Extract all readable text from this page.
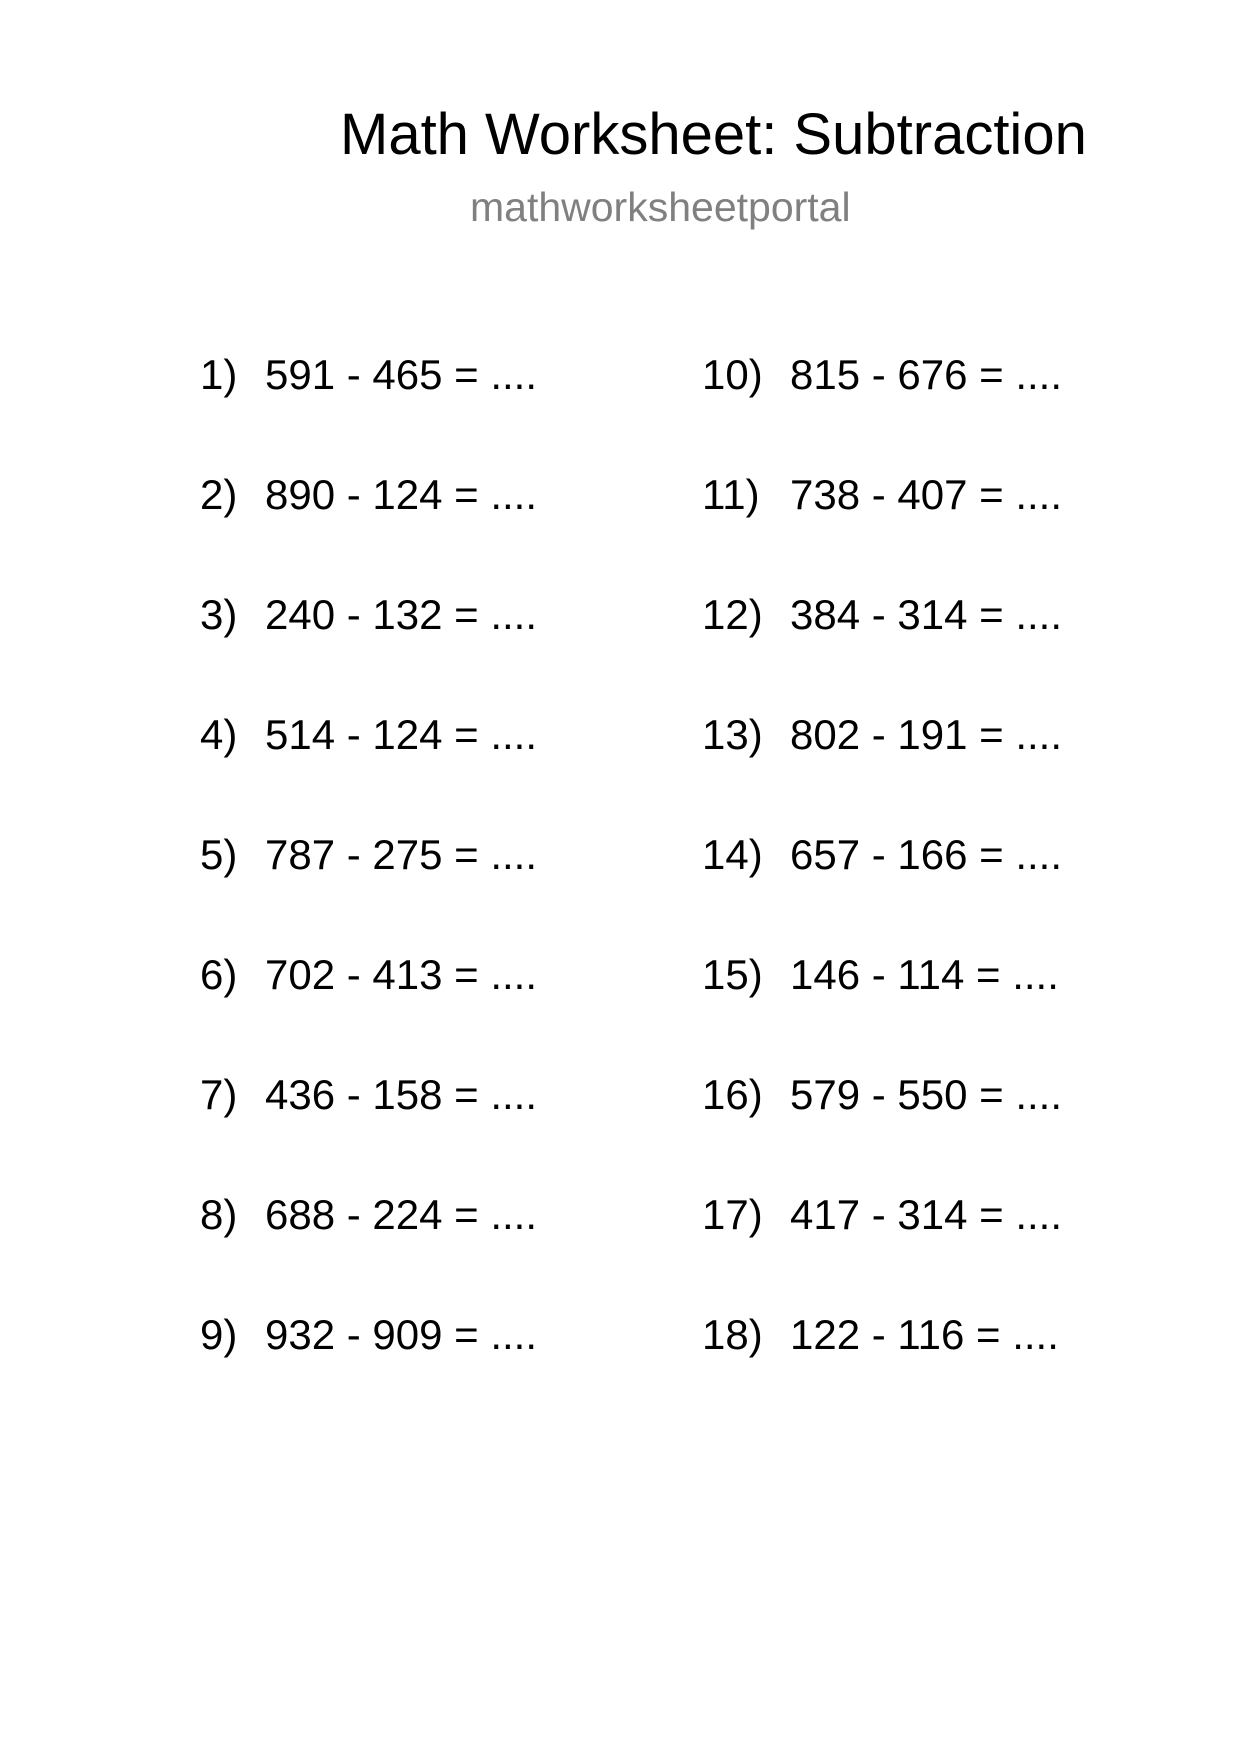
Math Worksheet: Subtraction
mathworksheetportal
1) 591 - 465 = ....
2) 890 - 124 = ....
3) 240 - 132 = ....
4) 514 - 124 = ....
5) 787 - 275 = ....
6) 702 - 413 = ....
7) 436 - 158 = ....
8) 688 - 224 = ....
9) 932 - 909 = ....
10) 815 - 676 = ....
11) 738 - 407 = ....
12) 384 - 314 = ....
13) 802 - 191 = ....
14) 657 - 166 = ....
15) 146 - 114 = ....
16) 579 - 550 = ....
17) 417 - 314 = ....
18) 122 - 116 = ....
